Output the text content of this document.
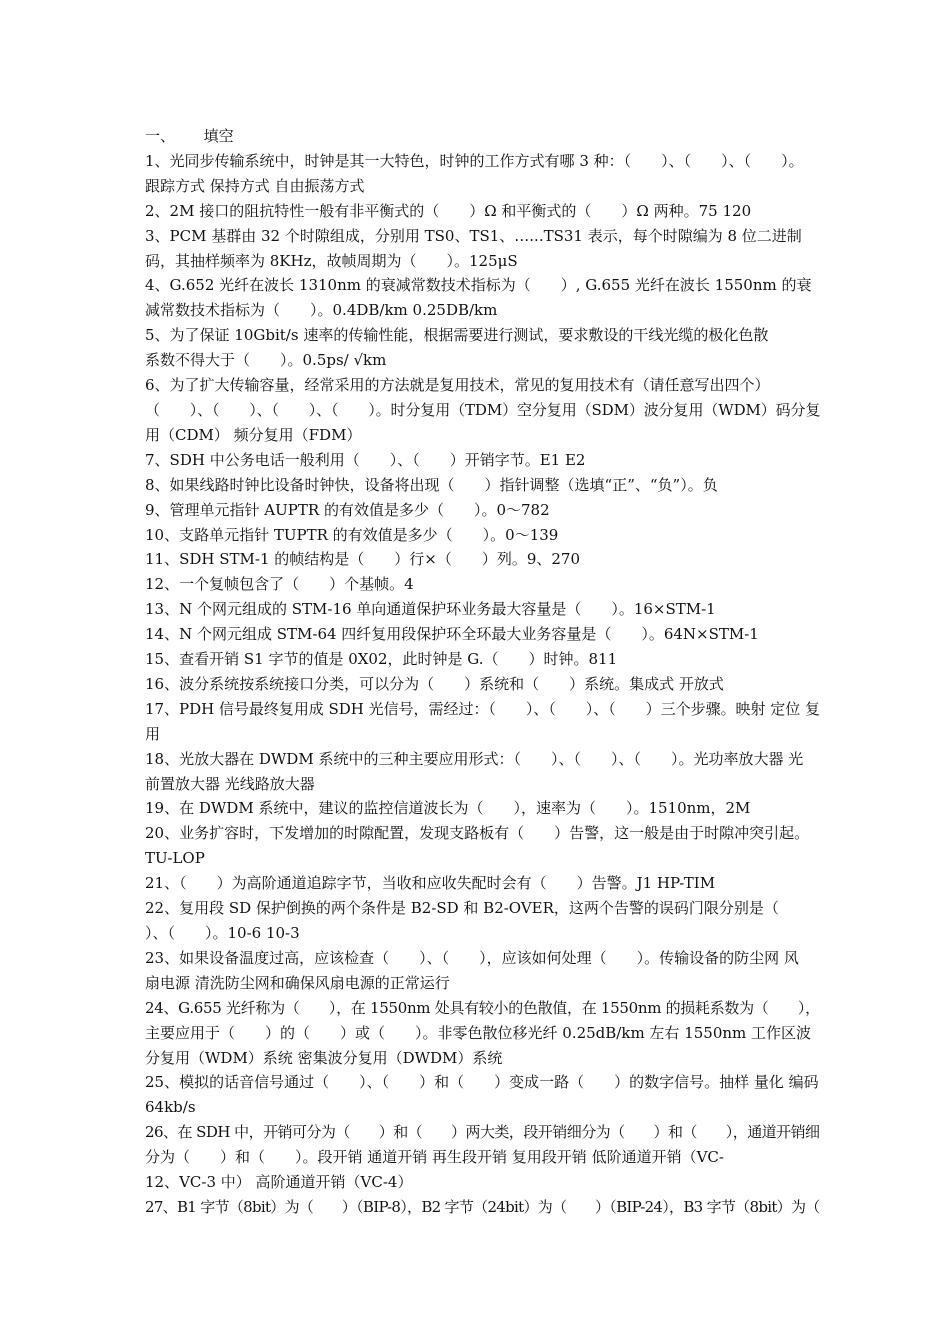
一、      填空
1、光同步传输系统中，时钟是其一大特色，时钟的工作方式有哪 3 种：（　　）、（　　）、（　　）。
跟踪方式 保持方式 自由振荡方式
2、2M 接口的阻抗特性一般有非平衡式的（　　）Ω 和平衡式的（　　）Ω 两种。75 120
3、PCM 基群由 32 个时隙组成，分别用 TS0、TS1、…...TS31 表示，每个时隙编为 8 位二进制
码，其抽样频率为 8KHz，故帧周期为（　　）。125μS
4、G.652 光纤在波长 1310nm 的衰减常数技术指标为（　　）, G.655 光纤在波长 1550nm 的衰
减常数技术指标为（　　）。0.4DB/km 0.25DB/km
5、为了保证 10Gbit/s 速率的传输性能，根据需要进行测试，要求敷设的干线光缆的极化色散
系数不得大于（　　）。0.5ps/ √km
6、为了扩大传输容量，经常采用的方法就是复用技术，常见的复用技术有（请任意写出四个）
（　　）、（　　）、（　　）、（　　）。时分复用（TDM）空分复用（SDM）波分复用（WDM）码分复
用（CDM） 频分复用（FDM）
7、SDH 中公务电话一般利用（　　）、（　　）开销字节。E1 E2
8、如果线路时钟比设备时钟快，设备将出现（　　）指针调整（选填“正”、“负”）。负
9、管理单元指针 AUPTR 的有效值是多少（　　）。0～782
10、支路单元指针 TUPTR 的有效值是多少（　　）。0～139
11、SDH STM-1 的帧结构是（　　）行×（　　）列。9、270
12、一个复帧包含了（　　）个基帧。4
13、N 个网元组成的 STM-16 单向通道保护环业务最大容量是（　　）。16×STM-1
14、N 个网元组成 STM-64 四纤复用段保护环全环最大业务容量是（　　）。64N×STM-1
15、查看开销 S1 字节的值是 0X02，此时钟是 G.（　　）时钟。811
16、波分系统按系统接口分类，可以分为（　　）系统和（　　）系统。集成式 开放式
17、PDH 信号最终复用成 SDH 光信号，需经过：（　　）、（　　）、（　　）三个步骤。映射 定位 复
用
18、光放大器在 DWDM 系统中的三种主要应用形式：（　　）、（　　）、（　　）。光功率放大器 光
前置放大器 光线路放大器
19、在 DWDM 系统中，建议的监控信道波长为（　　），速率为（　　）。1510nm，2M
20、业务扩容时，下发增加的时隙配置，发现支路板有（　　）告警，这一般是由于时隙冲突引起。
TU-LOP
21、（　　）为高阶通道追踪字节，当收和应收失配时会有（　　）告警。J1 HP-TIM
22、复用段 SD 保护倒换的两个条件是 B2-SD 和 B2-OVER，这两个告警的误码门限分别是（
）、（　　）。10-6 10-3
23、如果设备温度过高，应该检查（　　）、（　　），应该如何处理（　　）。传输设备的防尘网 风
扇电源 清洗防尘网和确保风扇电源的正常运行
24、G.655 光纤称为（　　），在 1550nm 处具有较小的色散值，在 1550nm 的损耗系数为（　　），
主要应用于（　　）的（　　）或（　　）。非零色散位移光纤 0.25dB/km 左右 1550nm 工作区波
分复用（WDM）系统 密集波分复用（DWDM）系统
25、模拟的话音信号通过（　　）、（　　）和（　　）变成一路（　　）的数字信号。抽样 量化 编码
64kb/s
26、在 SDH 中，开销可分为（　　）和（　　）两大类，段开销细分为（　　）和（　　），通道开销细
分为（　　）和（　　）。段开销 通道开销 再生段开销 复用段开销 低阶通道开销（VC-
12、VC-3 中） 高阶通道开销（VC-4）
27、B1 字节（8bit）为（　　）（BIP-8），B2 字节（24bit）为（　　）（BIP-24），B3 字节（8bit）为（
